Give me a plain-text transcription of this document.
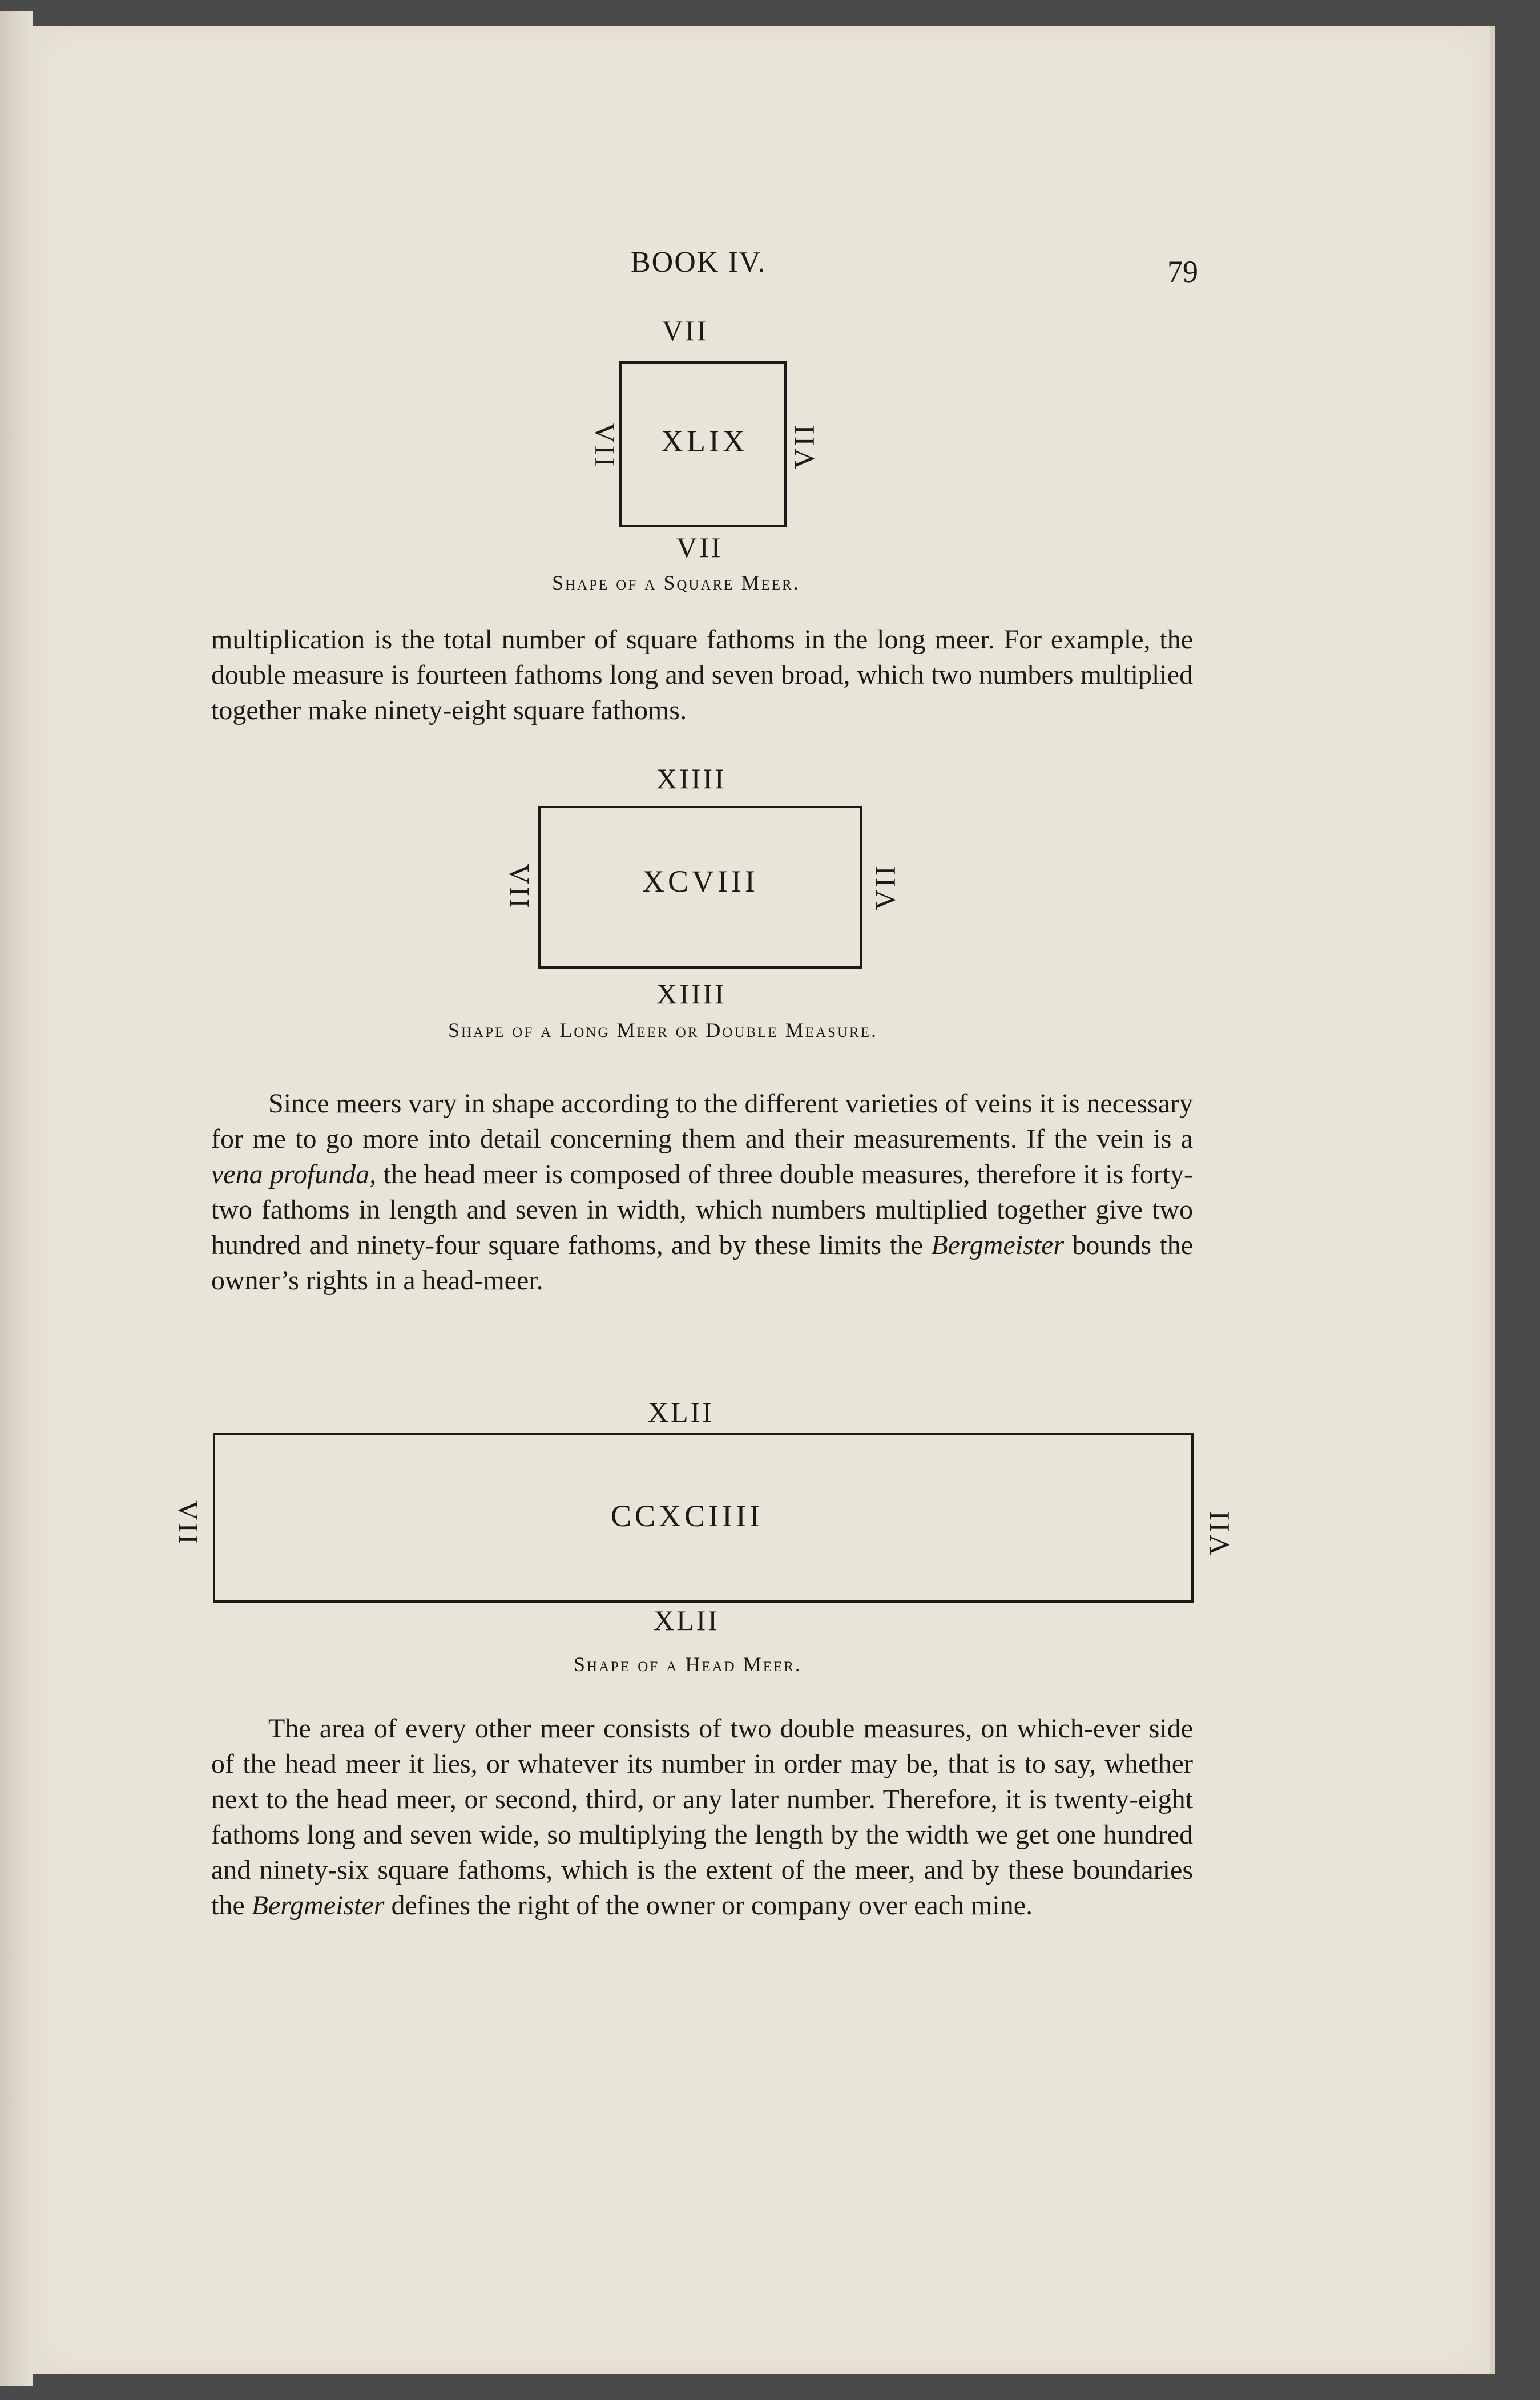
BOOK IV.	79
VII
XLIX
VII	VII
VII
Shape of a Square Meer.

multiplication is the total number of square fathoms in the long meer. For example, the double measure is fourteen fathoms long and seven broad, which two numbers multiplied together make ninety-eight square fathoms.

XIIII
XCVIII
VII	VII
XIIII
Shape of a Long Meer or Double Measure.

Since meers vary in shape according to the different varieties of veins it is necessary for me to go more into detail concerning them and their measurements. If the vein is a vena profunda, the head meer is composed of three double measures, therefore it is forty-two fathoms in length and seven in width, which numbers multiplied together give two hundred and ninety-four square fathoms, and by these limits the Bergmeister bounds the owner’s rights in a head-meer.

XLII
CCXCIIII
VII	VII
XLII
Shape of a Head Meer.

The area of every other meer consists of two double measures, on which-ever side of the head meer it lies, or whatever its number in order may be, that is to say, whether next to the head meer, or second, third, or any later number. Therefore, it is twenty-eight fathoms long and seven wide, so multiplying the length by the width we get one hundred and ninety-six square fathoms, which is the extent of the meer, and by these boundaries the Bergmeister defines the right of the owner or company over each mine.
